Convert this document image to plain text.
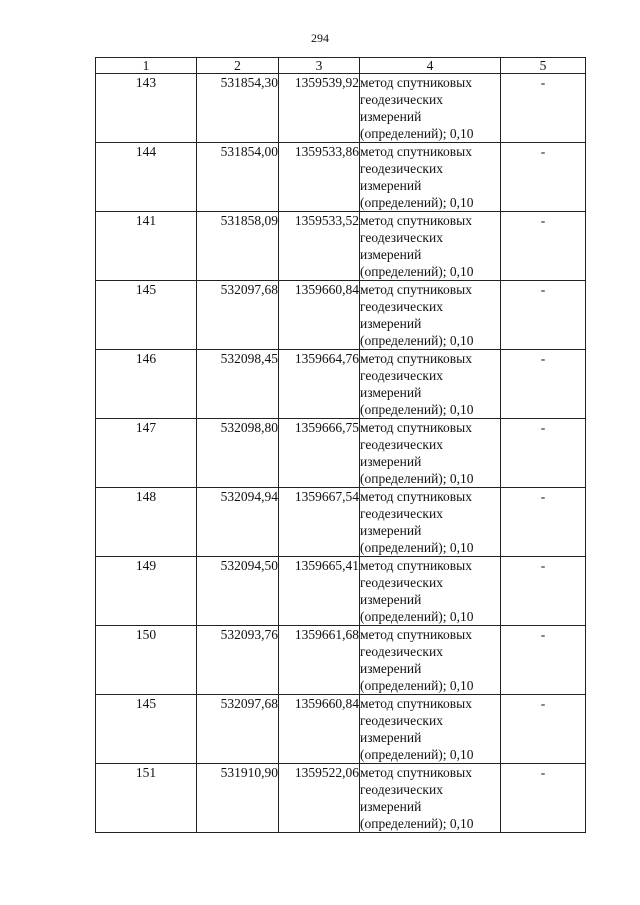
294
1	2	3	4	5
143	531854,30	1359539,92	метод спутниковых
геодезических
измерений
(определений); 0,10	-
144	531854,00	1359533,86	метод спутниковых
геодезических
измерений
(определений); 0,10	-
141	531858,09	1359533,52	метод спутниковых
геодезических
измерений
(определений); 0,10	-
145	532097,68	1359660,84	метод спутниковых
геодезических
измерений
(определений); 0,10	-
146	532098,45	1359664,76	метод спутниковых
геодезических
измерений
(определений); 0,10	-
147	532098,80	1359666,75	метод спутниковых
геодезических
измерений
(определений); 0,10	-
148	532094,94	1359667,54	метод спутниковых
геодезических
измерений
(определений); 0,10	-
149	532094,50	1359665,41	метод спутниковых
геодезических
измерений
(определений); 0,10	-
150	532093,76	1359661,68	метод спутниковых
геодезических
измерений
(определений); 0,10	-
145	532097,68	1359660,84	метод спутниковых
геодезических
измерений
(определений); 0,10	-
151	531910,90	1359522,06	метод спутниковых
геодезических
измерений
(определений); 0,10	-
